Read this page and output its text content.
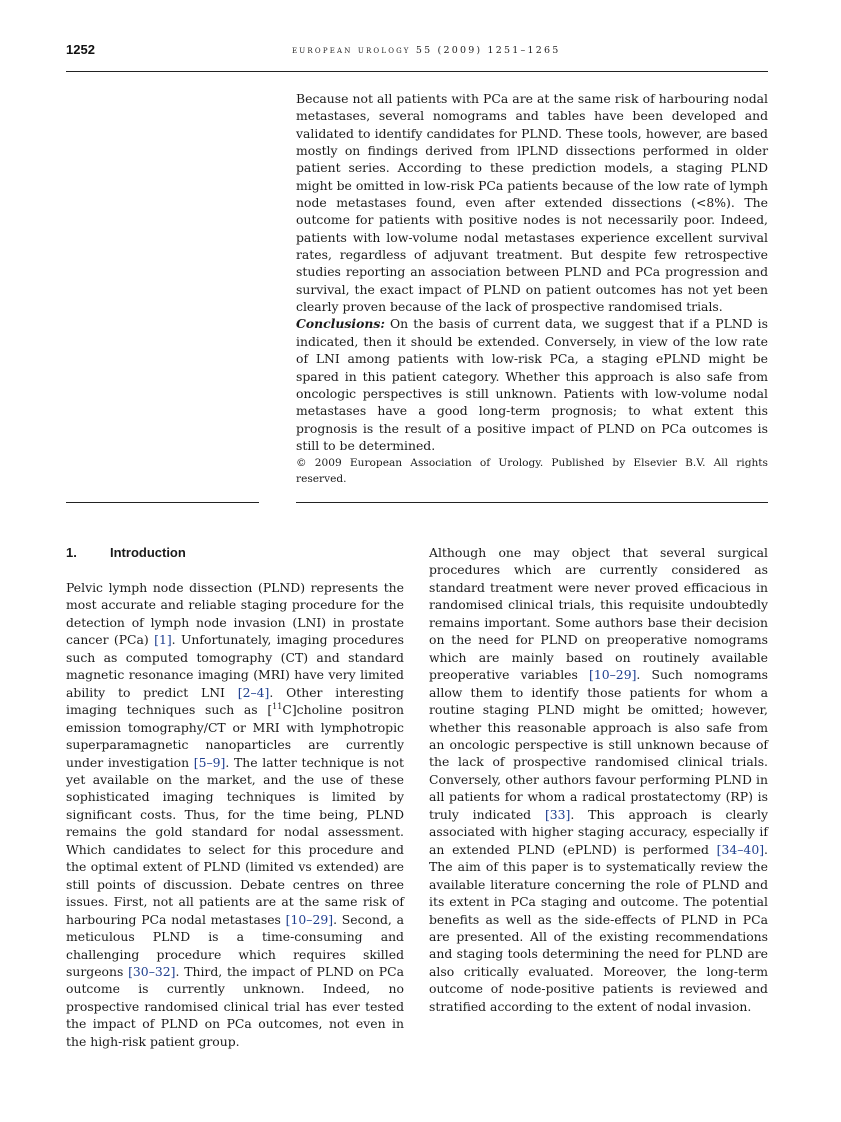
1252	european urology 55 (2009) 1251–1265

Because not all patients with PCa are at the same risk of harbouring nodal metastases, several nomograms and tables have been developed and validated to identify candidates for PLND. These tools, however, are based mostly on findings derived from lPLND dissections performed in older patient series. According to these prediction models, a staging PLND might be omitted in low-risk PCa patients because of the low rate of lymph node metastases found, even after extended dissections (<8%). The outcome for patients with positive nodes is not necessarily poor. Indeed, patients with low-volume nodal metastases experience excellent survival rates, regardless of adjuvant treatment. But despite few retrospective studies reporting an association between PLND and PCa progression and survival, the exact impact of PLND on patient outcomes has not yet been clearly proven because of the lack of prospective randomised trials.

Conclusions: On the basis of current data, we suggest that if a PLND is indicated, then it should be extended. Conversely, in view of the low rate of LNI among patients with low-risk PCa, a staging ePLND might be spared in this patient category. Whether this approach is also safe from oncologic perspectives is still unknown. Patients with low-volume nodal metastases have a good long-term prognosis; to what extent this prognosis is the result of a positive impact of PLND on PCa outcomes is still to be determined.

© 2009 European Association of Urology. Published by Elsevier B.V. All rights reserved.

1.	Introduction

Pelvic lymph node dissection (PLND) represents the most accurate and reliable staging procedure for the detection of lymph node invasion (LNI) in prostate cancer (PCa) [1]. Unfortunately, imaging procedures such as computed tomography (CT) and standard magnetic resonance imaging (MRI) have very limited ability to predict LNI [2–4]. Other interesting imaging techniques such as [$^{11}$C]choline positron emission tomography/CT or MRI with lymphotropic superparamagnetic nanoparticles are currently under investigation [5–9]. The latter technique is not yet available on the market, and the use of these sophisticated imaging techniques is limited by significant costs. Thus, for the time being, PLND remains the gold standard for nodal assessment. Which candidates to select for this procedure and the optimal extent of PLND (limited vs extended) are still points of discussion. Debate centres on three issues. First, not all patients are at the same risk of harbouring PCa nodal metastases [10–29]. Second, a meticulous PLND is a time-consuming and challenging procedure which requires skilled surgeons [30–32]. Third, the impact of PLND on PCa outcome is currently unknown. Indeed, no prospective randomised clinical trial has ever tested the impact of PLND on PCa outcomes, not even in the high-risk patient group.

Although one may object that several surgical procedures which are currently considered as standard treatment were never proved efficacious in randomised clinical trials, this requisite undoubtedly remains important. Some authors base their decision on the need for PLND on preoperative nomograms which are mainly based on routinely available preoperative variables [10–29]. Such nomograms allow them to identify those patients for whom a routine staging PLND might be omitted; however, whether this reasonable approach is also safe from an oncologic perspective is still unknown because of the lack of prospective randomised clinical trials. Conversely, other authors favour performing PLND in all patients for whom a radical prostatectomy (RP) is truly indicated [33]. This approach is clearly associated with higher staging accuracy, especially if an extended PLND (ePLND) is performed [34–40]. The aim of this paper is to systematically review the available literature concerning the role of PLND and its extent in PCa staging and outcome. The potential benefits as well as the side-effects of PLND in PCa are presented. All of the existing recommendations and staging tools determining the need for PLND are also critically evaluated. Moreover, the long-term outcome of node-positive patients is reviewed and stratified according to the extent of nodal invasion.
